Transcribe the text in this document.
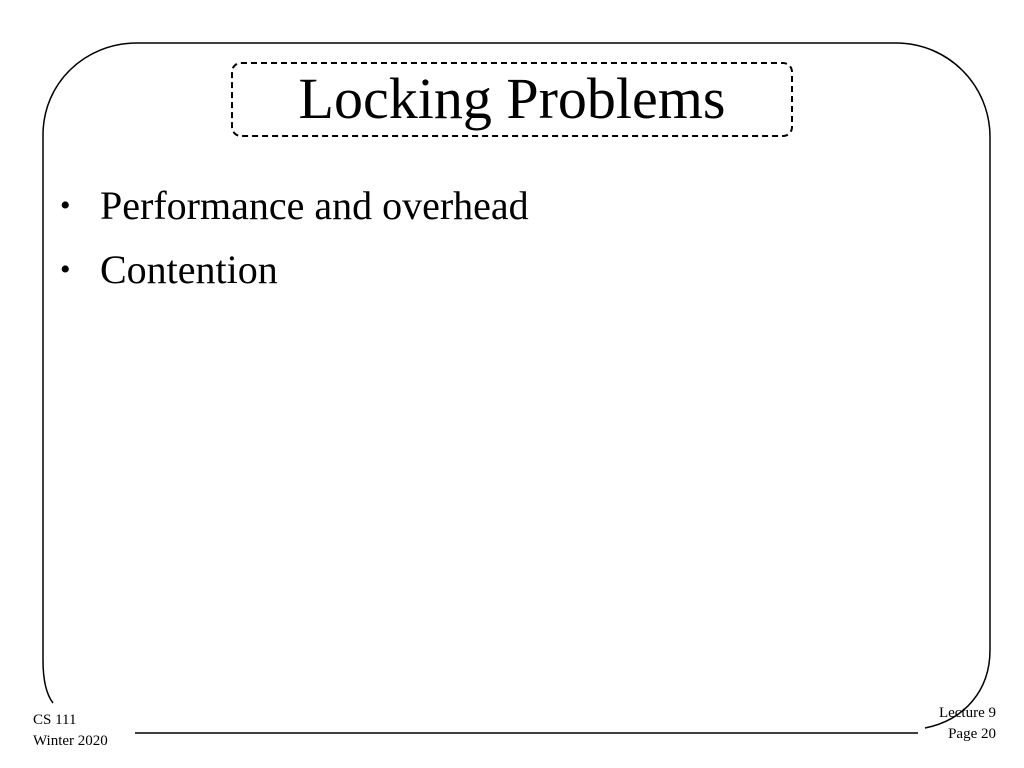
Locking Problems
• Performance and overhead
• Contention
CS 111
Winter 2020
Lecture 9
Page 20
